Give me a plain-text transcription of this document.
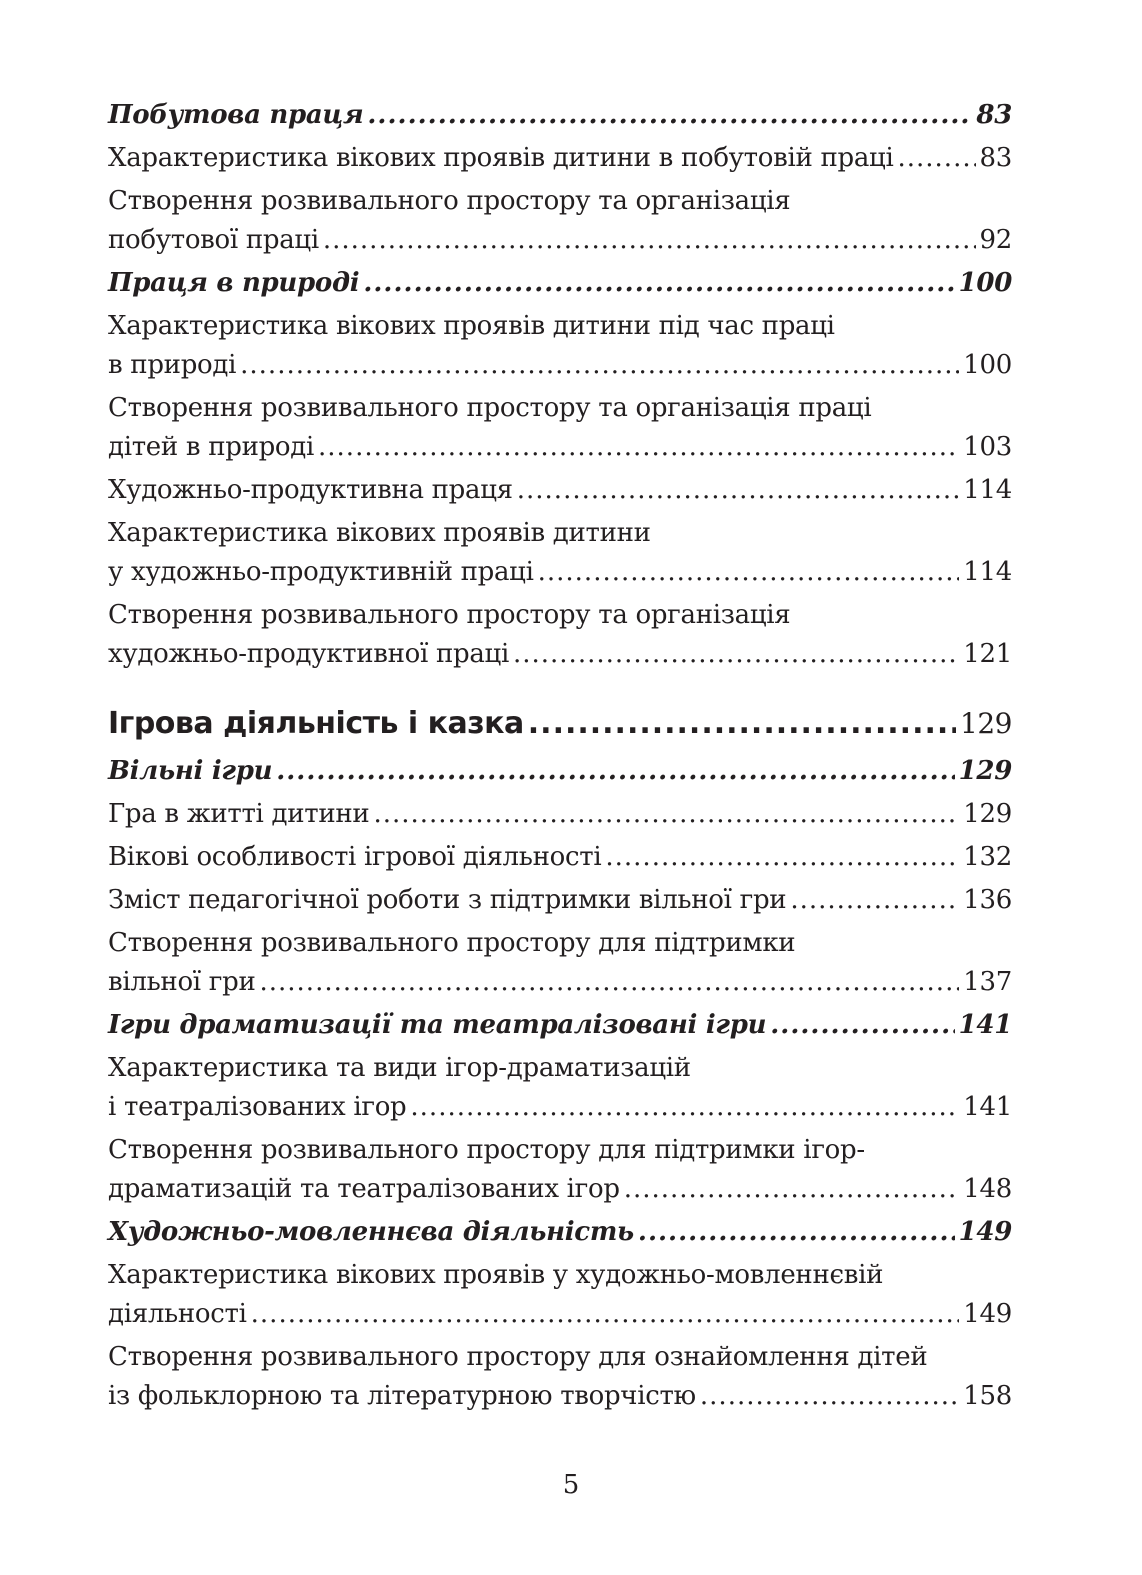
Побутова праця .....	83
Характеристика вікових проявів дитини в побутовій праці .....	83
Створення розвивального простору та організація
побутової праці .....	92
Праця в природі .....	100
Характеристика вікових проявів дитини під час праці
в природі .....	100
Створення розвивального простору та організація праці
дітей в природі .....	103
Художньо-продуктивна праця .....	114
Характеристика вікових проявів дитини
у художньо-продуктивній праці .....	114
Створення розвивального простору та організація
художньо-продуктивної праці .....	121
Ігрова діяльність і казка .....	129
Вільні ігри .....	129
Гра в житті дитини .....	129
Вікові особливості ігрової діяльності .....	132
Зміст педагогічної роботи з підтримки вільної гри .....	136
Створення розвивального простору для підтримки
вільної гри .....	137
Ігри драматизації та театралізовані ігри .....	141
Характеристика та види ігор-драматизацій
і театралізованих ігор .....	141
Створення розвивального простору для підтримки ігор-
драматизацій та театралізованих ігор .....	148
Художньо-мовленнєва діяльність .....	149
Характеристика вікових проявів у художньо-мовленнєвій
діяльності .....	149
Створення розвивального простору для ознайомлення дітей
із фольклорною та літературною творчістю .....	158
5
